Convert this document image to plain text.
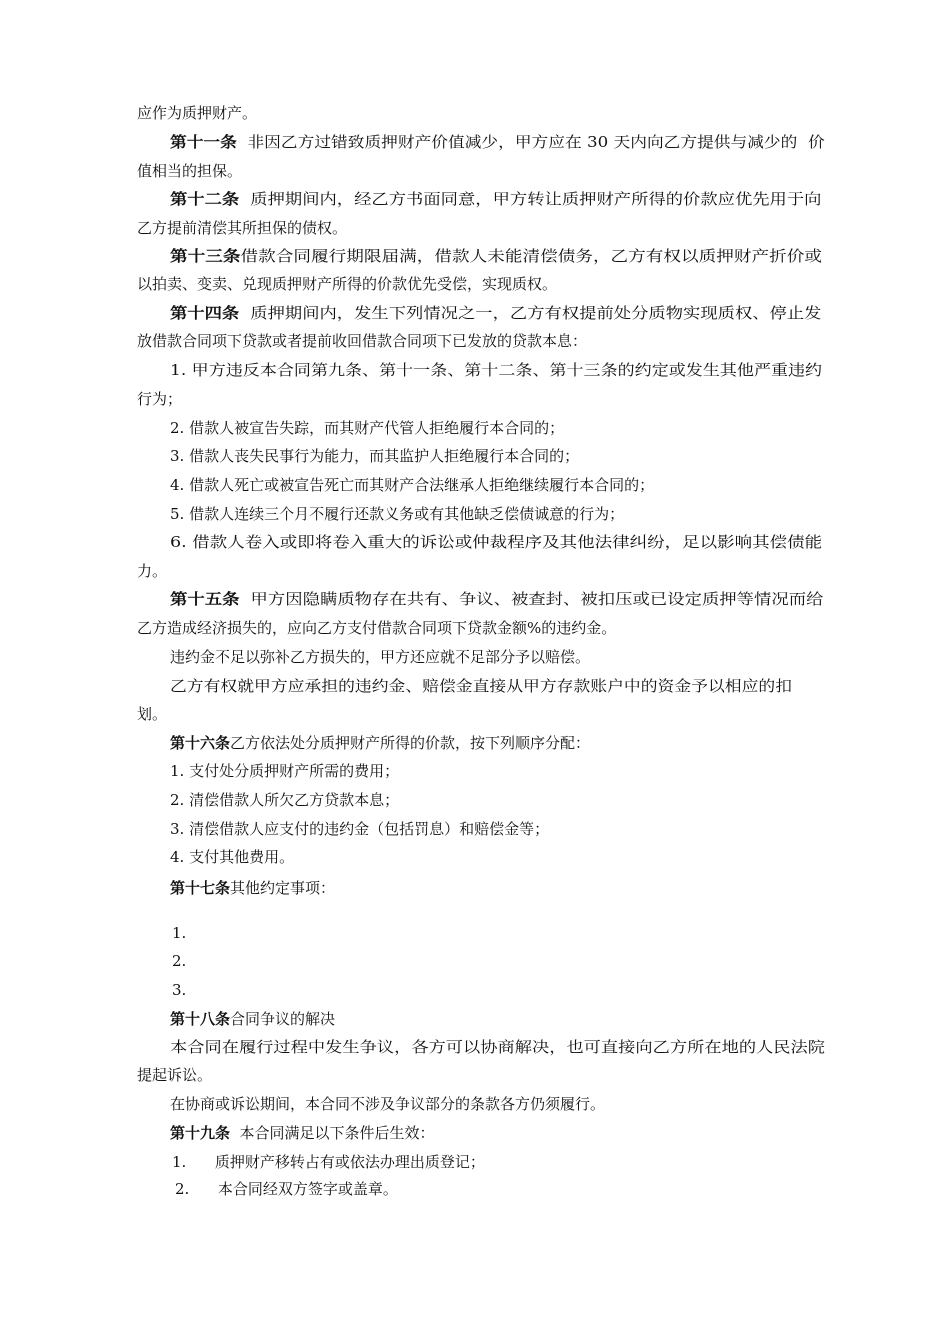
应作为质押财产。
第十一条  非因乙方过错致质押财产价值减少，甲方应在 30 天内向乙方提供与减少的  价
值相当的担保。
第十二条  质押期间内，经乙方书面同意，甲方转让质押财产所得的价款应优先用于向
乙方提前清偿其所担保的债权。
第十三条借款合同履行期限届满，借款人未能清偿债务，乙方有权以质押财产折价或
以拍卖、变卖、兑现质押财产所得的价款优先受偿，实现质权。
第十四条  质押期间内，发生下列情况之一，乙方有权提前处分质物实现质权、停止发
放借款合同项下贷款或者提前收回借款合同项下已发放的贷款本息：
1. 甲方违反本合同第九条、第十一条、第十二条、第十三条的约定或发生其他严重违约
行为；
2. 借款人被宣告失踪，而其财产代管人拒绝履行本合同的；
3. 借款人丧失民事行为能力，而其监护人拒绝履行本合同的；
4. 借款人死亡或被宣告死亡而其财产合法继承人拒绝继续履行本合同的；
5. 借款人连续三个月不履行还款义务或有其他缺乏偿债诚意的行为；
6. 借款人卷入或即将卷入重大的诉讼或仲裁程序及其他法律纠纷，足以影响其偿债能
力。
第十五条  甲方因隐瞒质物存在共有、争议、被查封、被扣压或已设定质押等情况而给
乙方造成经济损失的，应向乙方支付借款合同项下贷款金额%的违约金。
违约金不足以弥补乙方损失的，甲方还应就不足部分予以赔偿。
乙方有权就甲方应承担的违约金、赔偿金直接从甲方存款账户中的资金予以相应的扣
划。
第十六条乙方依法处分质押财产所得的价款，按下列顺序分配：
1. 支付处分质押财产所需的费用；
2. 清偿借款人所欠乙方贷款本息；
3. 清偿借款人应支付的违约金（包括罚息）和赔偿金等；
4. 支付其他费用。
第十七条其他约定事项：
1.
2.
3.
第十八条合同争议的解决
本合同在履行过程中发生争议，各方可以协商解决，也可直接向乙方所在地的人民法院
提起诉讼。
在协商或诉讼期间，本合同不涉及争议部分的条款各方仍须履行。
第十九条  本合同满足以下条件后生效：
1.      质押财产移转占有或依法办理出质登记；
2.      本合同经双方签字或盖章。
